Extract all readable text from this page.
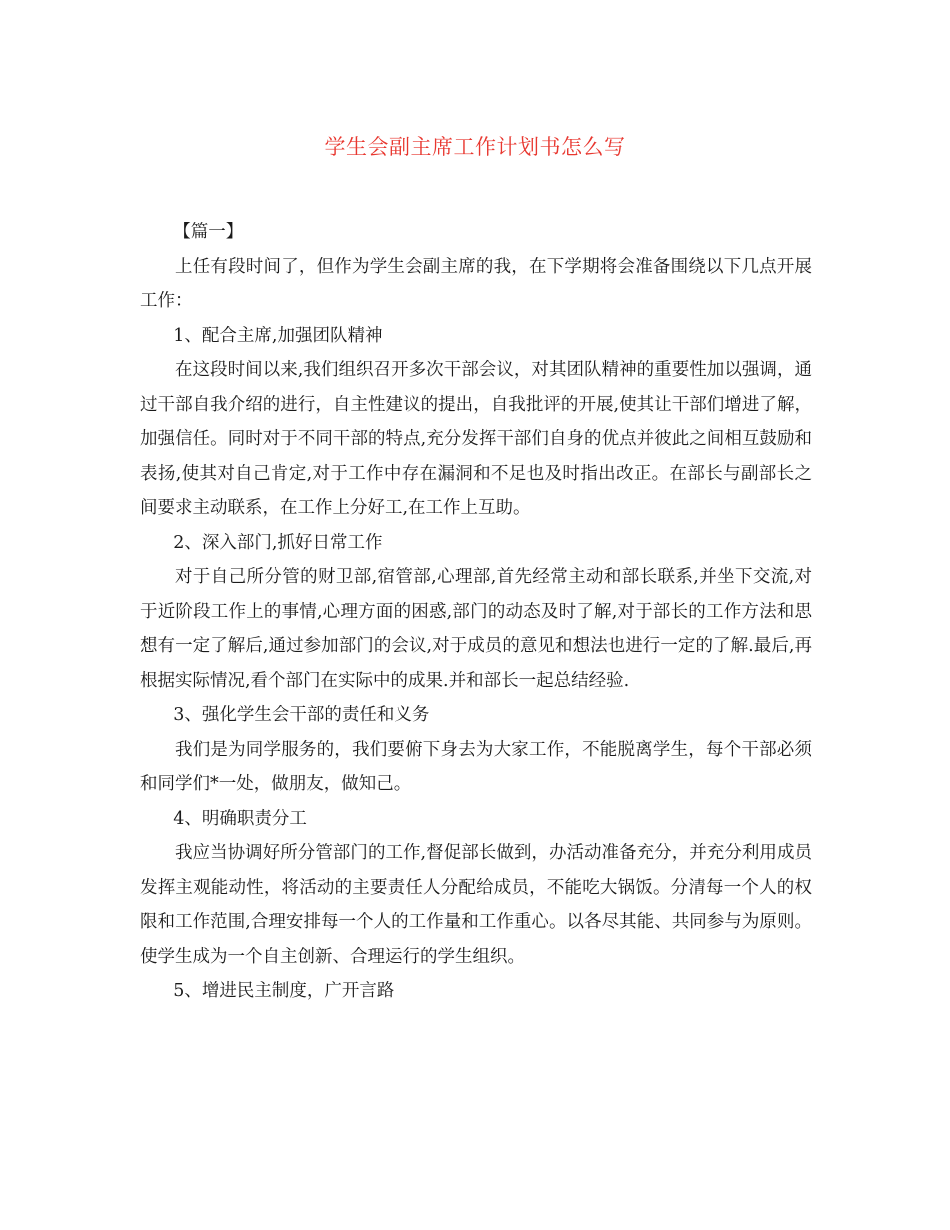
学生会副主席工作计划书怎么写

【篇一】

上任有段时间了，但作为学生会副主席的我，在下学期将会准备围绕以下几点开展工作：

1、配合主席,加强团队精神

在这段时间以来,我们组织召开多次干部会议，对其团队精神的重要性加以强调，通过干部自我介绍的进行，自主性建议的提出，自我批评的开展,使其让干部们增进了解，加强信任。同时对于不同干部的特点,充分发挥干部们自身的优点并彼此之间相互鼓励和表扬,使其对自己肯定,对于工作中存在漏洞和不足也及时指出改正。在部长与副部长之间要求主动联系，在工作上分好工,在工作上互助。

2、深入部门,抓好日常工作

对于自己所分管的财卫部,宿管部,心理部,首先经常主动和部长联系,并坐下交流,对于近阶段工作上的事情,心理方面的困惑,部门的动态及时了解,对于部长的工作方法和思想有一定了解后,通过参加部门的会议,对于成员的意见和想法也进行一定的了解.最后,再根据实际情况,看个部门在实际中的成果.并和部长一起总结经验.

3、强化学生会干部的责任和义务

我们是为同学服务的，我们要俯下身去为大家工作，不能脱离学生，每个干部必须和同学们*一处，做朋友，做知己。

4、明确职责分工

我应当协调好所分管部门的工作,督促部长做到，办活动准备充分，并充分利用成员发挥主观能动性，将活动的主要责任人分配给成员，不能吃大锅饭。分清每一个人的权限和工作范围,合理安排每一个人的工作量和工作重心。以各尽其能、共同参与为原则。使学生成为一个自主创新、合理运行的学生组织。

5、增进民主制度，广开言路
